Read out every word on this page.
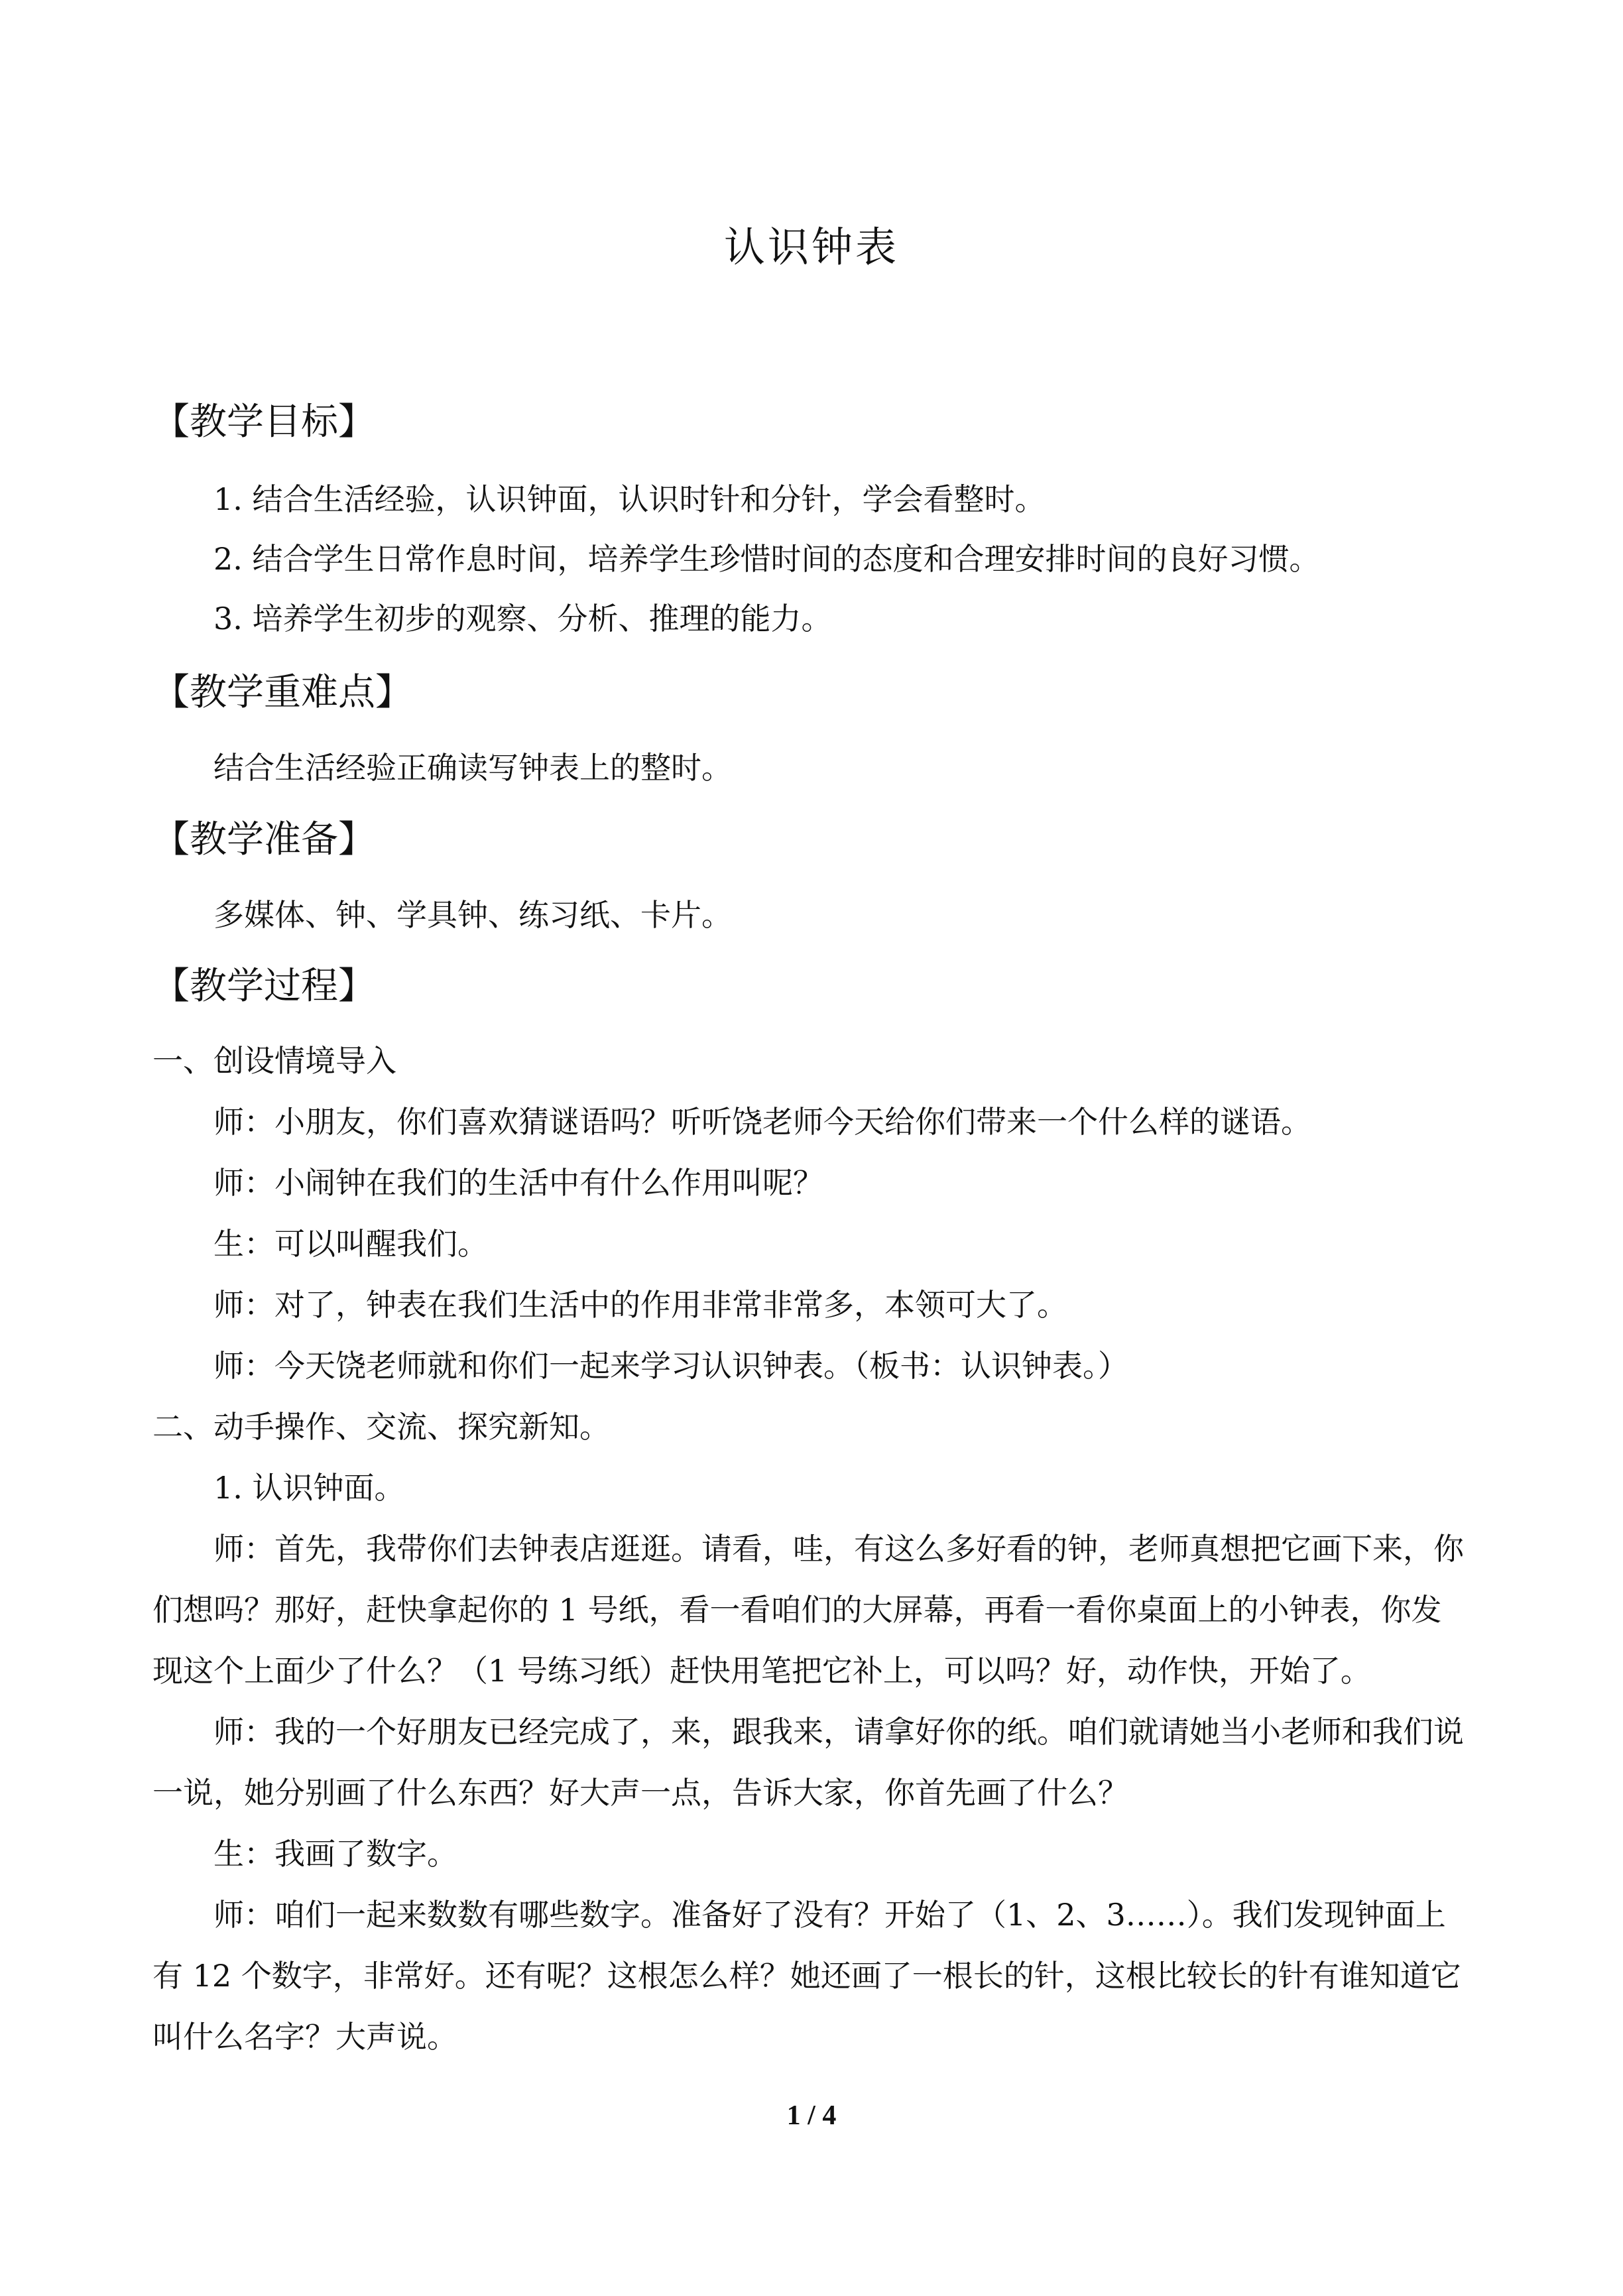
认识钟表
【教学目标】
1. 结合生活经验，认识钟面，认识时针和分针，学会看整时。
2. 结合学生日常作息时间，培养学生珍惜时间的态度和合理安排时间的良好习惯。
3. 培养学生初步的观察、分析、推理的能力。
【教学重难点】
结合生活经验正确读写钟表上的整时。
【教学准备】
多媒体、钟、学具钟、练习纸、卡片。
【教学过程】
一、创设情境导入
师：小朋友，你们喜欢猜谜语吗？听听饶老师今天给你们带来一个什么样的谜语。
师：小闹钟在我们的生活中有什么作用叫呢？
生：可以叫醒我们。
师：对了，钟表在我们生活中的作用非常非常多，本领可大了。
师：今天饶老师就和你们一起来学习认识钟表。（板书：认识钟表。）
二、动手操作、交流、探究新知。
1. 认识钟面。
师：首先，我带你们去钟表店逛逛。请看，哇，有这么多好看的钟，老师真想把它画下来，你们想吗？那好，赶快拿起你的 1 号纸，看一看咱们的大屏幕，再看一看你桌面上的小钟表，你发现这个上面少了什么？（1 号练习纸）赶快用笔把它补上，可以吗？好，动作快，开始了。
师：我的一个好朋友已经完成了，来，跟我来，请拿好你的纸。咱们就请她当小老师和我们说一说，她分别画了什么东西？好大声一点，告诉大家，你首先画了什么？
生：我画了数字。
师：咱们一起来数数有哪些数字。准备好了没有？开始了（1、2、3……）。我们发现钟面上有 12 个数字，非常好。还有呢？这根怎么样？她还画了一根长的针，这根比较长的针有谁知道它叫什么名字？大声说。
1 / 4
